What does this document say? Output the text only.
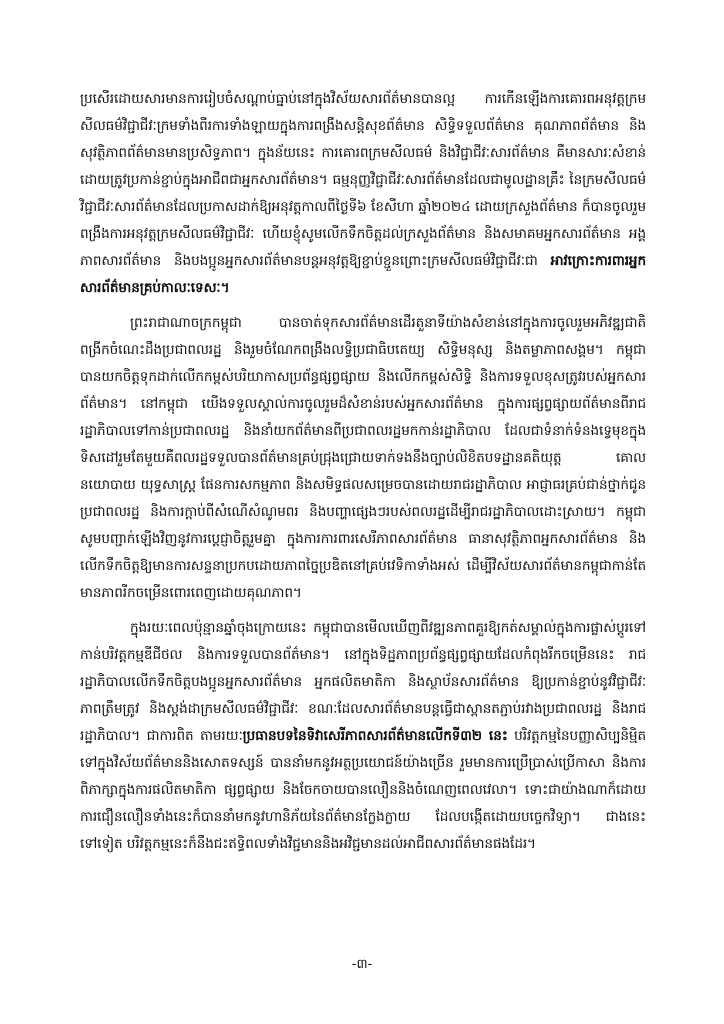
ប្រសើរដោយសារមានការរៀបចំសណ្តាប់ធ្នាប់នៅក្នុងវិស័យសារព័ត៌មានបានល្អ ការកើនឡើងការគោរពអនុវត្តក្រមសីលធម៌វិជ្ជាជីវៈក្រមទាំងពីរការទាំងឡាយក្នុងការពង្រឹងសន្តិសុខព័ត៌មាន សិទ្ធិទទួលព័ត៌មាន គុណភាពព័ត៌មាន និងសុវត្ថិភាពព័ត៌មានមានប្រសិទ្ធភាព។ ក្នុងន័យនេះ ការគោរពក្រមសីលធម៌ និងវិជ្ជាជីវៈសារព័ត៌មាន គឺមានសារៈសំខាន់ ដោយត្រូវប្រកាន់ខ្ជាប់ក្នុងអាជីពជាអ្នកសារព័ត៌មាន។ ធម្មនុញ្ញវិជ្ជាជីវៈសារព័ត៌មានដែលជាមូលដ្ឋានគ្រឹះ នៃក្រមសីលធម៌វិជ្ជាជីវៈសារព័ត៌មានដែលប្រកាសដាក់ឱ្យអនុវត្តកាលពីថ្ងៃទី៦ ខែសីហា ឆ្នាំ២០២៤ ដោយក្រសួងព័ត៌មាន ក៏បានចូលរួមពង្រឹងការអនុវត្តក្រមសីលធម៌វិជ្ជាជីវៈ ហើយខ្ញុំសូមលើកទឹកចិត្តដល់ក្រសួងព័ត៌មាន និងសមាគមអ្នកសារព័ត៌មាន អង្គភាពសារព័ត៌មាន និងបងប្អូនអ្នកសារព័ត៌មានបន្តអនុវត្តឱ្យខ្ជាប់ខ្ជួនព្រោះក្រមសីលធម៌វិជ្ជាជីវៈជា អាវក្រោះការពារអ្នកសារព័ត៌មានគ្រប់កាលៈទេសៈ។

ព្រះរាជាណាចក្រកម្ពុជា បានចាត់ទុកសារព័ត៌មានដើរតួនាទីយ៉ាងសំខាន់នៅក្នុងការចូលរួមអភិវឌ្ឍជាតិ ពង្រីកចំណេះដឹងប្រជាពលរដ្ឋ និងរួមចំណែកពង្រឹងលទ្ធិប្រជាធិបតេយ្យ សិទ្ធិមនុស្ស និងតម្លាភាពសង្គម។ កម្ពុជាបានយកចិត្តទុកដាក់លើកកម្ពស់បរិយាកាសប្រព័ន្ធផ្សព្វផ្សាយ និងលើកកម្ពស់សិទ្ធិ និងការទទួលខុសត្រូវរបស់អ្នកសារព័ត៌មាន។ នៅកម្ពុជា យើងទទួលស្គាល់ការចូលរួមដ៏សំខាន់របស់អ្នកសារព័ត៌មាន ក្នុងការផ្សព្វផ្សាយព័ត៌មានពីរាជរដ្ឋាភិបាលទៅកាន់ប្រជាពលរដ្ឋ និងនាំយកព័ត៌មានពីប្រជាពលរដ្ឋមកកាន់រដ្ឋាភិបាល ដែលជាទំនាក់ទំនងទ្វេមុខក្នុងទិសដៅរួមតែមួយគឺពលរដ្ឋទទួលបានព័ត៌មានគ្រប់ជ្រុងជ្រោយទាក់ទងនឹងច្បាប់លិខិតបទដ្ឋានគតិយុត្ត គោលនយោបាយ យុទ្ធសាស្ត្រ ផែនការសកម្មភាព និងសមិទ្ធផលសម្រេចបានដោយរាជរដ្ឋាភិបាល អាជ្ញាធរគ្រប់ជាន់ថ្នាក់ជូនប្រជាពលរដ្ឋ និងការក្តាប់ពីសំណើសំណូមពរ និងបញ្ហាផ្សេងៗរបស់ពលរដ្ឋដើម្បីរាជរដ្ឋាភិបាលដោះស្រាយ។ កម្ពុជាសូមបញ្ជាក់ឡើងវិញនូវការប្តេជ្ញាចិត្តរួមគ្នា ក្នុងការការពារសេរីភាពសារព័ត៌មាន ធានាសុវត្ថិភាពអ្នកសារព័ត៌មាន និងលើកទឹកចិត្តឱ្យមានការសន្ទនាប្រកបដោយភាពច្នៃប្រឌិតនៅគ្រប់វេទិកាទាំងអស់ ដើម្បីវិស័យសារព័ត៌មានកម្ពុជាកាន់តែមានភាពរីកចម្រើនពោរពេញដោយគុណភាព។

ក្នុងរយៈពេលប៉ុន្មានឆ្នាំចុងក្រោយនេះ កម្ពុជាបានមើលឃើញពីវឌ្ឍនភាពគួរឱ្យកត់សម្គាល់ក្នុងការផ្លាស់ប្តូរទៅកាន់បរិវត្តកម្មឌីជីថល និងការទទួលបានព័ត៌មាន។ នៅក្នុងទិដ្ឋភាពប្រព័ន្ធផ្សព្វផ្សាយដែលកំពុងរីកចម្រើននេះ រាជរដ្ឋាភិបាលលើកទឹកចិត្តបងប្អូនអ្នកសារព័ត៌មាន អ្នកផលិតមាតិកា និងស្ថាប័នសារព័ត៌មាន ឱ្យប្រកាន់ខ្ជាប់នូវវិជ្ជាជីវៈ ភាពត្រឹមត្រូវ និងស្តង់ដាក្រមសីលធម៌វិជ្ជាជីវៈ ខណៈដែលសារព័ត៌មានបន្តធ្វើជាស្ពានតភ្ជាប់រវាងប្រជាពលរដ្ឋ និងរាជរដ្ឋាភិបាល។ ជាការពិត តាមរយៈប្រធានបទនៃទិវាសេរីភាពសារព័ត៌មានលើកទី៣២ នេះ បរិវត្តកម្មនៃបញ្ញាសិប្បនិម្មិតទៅក្នុងវិស័យព័ត៌មាននិងសោតទស្សន៍ បាននាំមកនូវអត្ថប្រយោជន៍យ៉ាងច្រើន រួមមានការប្រើប្រាស់ប្រើកាសា និងការពិភាក្សាក្នុងការផលិតមាតិកា ផ្សព្វផ្សាយ និងចែកចាយបានលឿននិងចំណេញពេលវេលា។ ទោះជាយ៉ាងណាក៏ដោយ ការជឿនលឿនទាំងនេះក៏បាននាំមកនូវហានិភ័យនៃព័ត៌មានក្លែងក្លាយ ដែលបង្កើតដោយបច្ចេកវិទ្យា។ ជាងនេះទៅទៀត បរិវត្តកម្មនេះក៏នឹងជះឥទ្ធិពលទាំងវិជ្ជមាននិងអវិជ្ជមានដល់អាជីពសារព័ត៌មានផងដែរ។

-៣-
